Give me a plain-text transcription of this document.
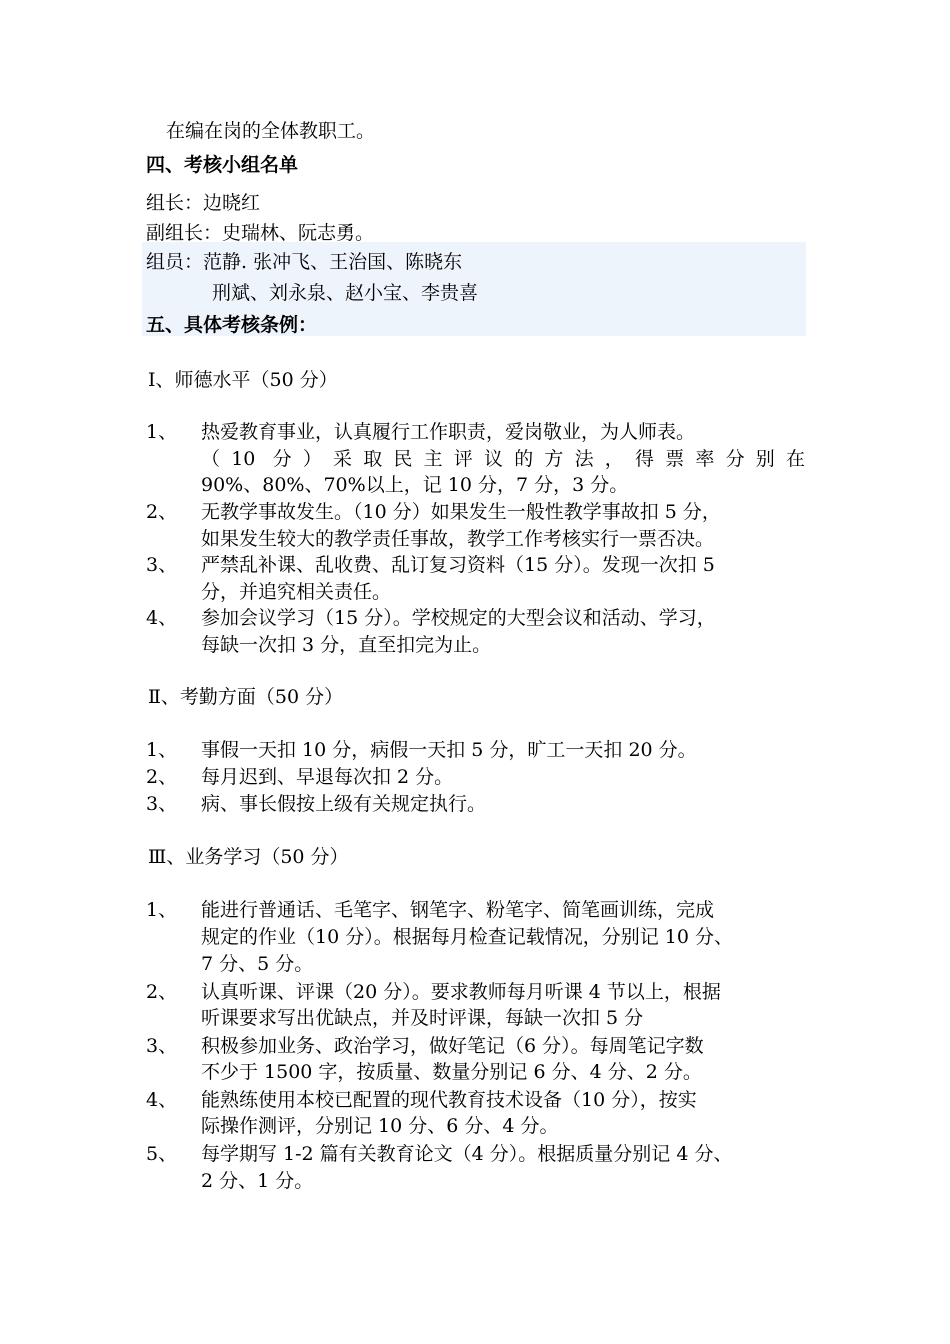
在编在岗的全体教职工。
四、考核小组名单
组长：边晓红
副组长：史瑞林、阮志勇。
组员：范静. 张冲飞、王治国、陈晓东
刑斌、刘永泉、赵小宝、李贵喜
五、具体考核条例：
Ⅰ、师德水平（50 分）
1、 热爱教育事业，认真履行工作职责，爱岗敬业，为人师表。
（10 分）采取民主评议的方法，得票率分别在
90%、80%、70%以上，记 10 分，7 分，3 分。
2、 无教学事故发生。（10 分）如果发生一般性教学事故扣 5 分，
如果发生较大的教学责任事故，教学工作考核实行一票否决。
3、 严禁乱补课、乱收费、乱订复习资料（15 分）。发现一次扣 5
分，并追究相关责任。
4、 参加会议学习（15 分）。学校规定的大型会议和活动、学习，
每缺一次扣 3 分，直至扣完为止。
Ⅱ、考勤方面（50 分）
1、 事假一天扣 10 分，病假一天扣 5 分，旷工一天扣 20 分。
2、 每月迟到、早退每次扣 2 分。
3、 病、事长假按上级有关规定执行。
Ⅲ、业务学习（50 分）
1、 能进行普通话、毛笔字、钢笔字、粉笔字、简笔画训练，完成
规定的作业（10 分）。根据每月检查记载情况，分别记 10 分、
7 分、5 分。
2、 认真听课、评课（20 分）。要求教师每月听课 4 节以上，根据
听课要求写出优缺点，并及时评课，每缺一次扣 5 分
3、 积极参加业务、政治学习，做好笔记（6 分）。每周笔记字数
不少于 1500 字，按质量、数量分别记 6 分、4 分、2 分。
4、 能熟练使用本校已配置的现代教育技术设备（10 分），按实
际操作测评，分别记 10 分、6 分、4 分。
5、 每学期写 1-2 篇有关教育论文（4 分）。根据质量分别记 4 分、
2 分、1 分。
